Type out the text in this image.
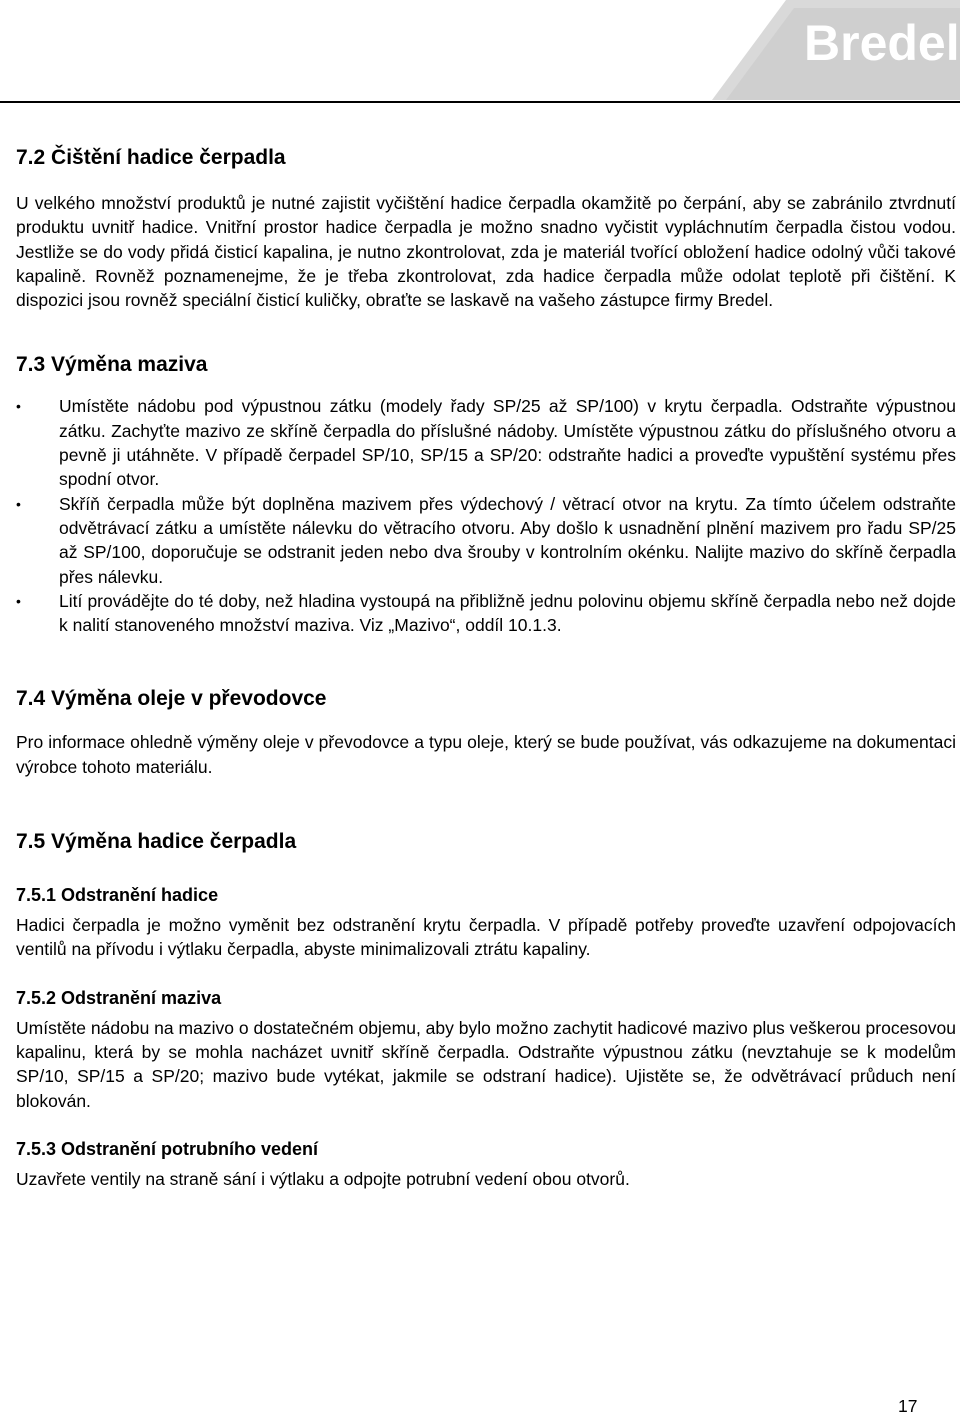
Bredel
7.2 Čištění hadice čerpadla

U velkého množství produktů je nutné zajistit vyčištění hadice čerpadla okamžitě po čerpání, aby se zabránilo ztvrdnutí produktu uvnitř hadice. Vnitřní prostor hadice čerpadla je možno snadno vyčistit vypláchnutím čerpadla čistou vodou. Jestliže se do vody přidá čisticí kapalina, je nutno zkontrolovat, zda je materiál tvořící obložení hadice odolný vůči takové kapalině. Rovněž poznamenejme, že je třeba zkontrolovat, zda hadice čerpadla může odolat teplotě při čištění. K dispozici jsou rovněž speciální čisticí kuličky, obraťte se laskavě na vašeho zástupce firmy Bredel.

7.3 Výměna maziva
• Umístěte nádobu pod výpustnou zátku (modely řady SP/25 až SP/100) v krytu čerpadla. Odstraňte výpustnou zátku. Zachyťte mazivo ze skříně čerpadla do příslušné nádoby. Umístěte výpustnou zátku do příslušného otvoru a pevně ji utáhněte. V případě čerpadel SP/10, SP/15 a SP/20: odstraňte hadici a proveďte vypuštění systému přes spodní otvor.
• Skříň čerpadla může být doplněna mazivem přes výdechový / větrací otvor na krytu. Za tímto účelem odstraňte odvětrávací zátku a umístěte nálevku do větracího otvoru. Aby došlo k usnadnění plnění mazivem pro řadu SP/25 až SP/100, doporučuje se odstranit jeden nebo dva šrouby v kontrolním okénku. Nalijte mazivo do skříně čerpadla přes nálevku.
• Lití provádějte do té doby, než hladina vystoupá na přibližně jednu polovinu objemu skříně čerpadla nebo než dojde k nalití stanoveného množství maziva. Viz „Mazivo“, oddíl 10.1.3.
7.4 Výměna oleje v převodovce

Pro informace ohledně výměny oleje v převodovce a typu oleje, který se bude používat, vás odkazujeme na dokumentaci výrobce tohoto materiálu.

7.5 Výměna hadice čerpadla
7.5.1 Odstranění hadice

Hadici čerpadla je možno vyměnit bez odstranění krytu čerpadla. V případě potřeby proveďte uzavření odpojovacích ventilů na přívodu i výtlaku čerpadla, abyste minimalizovali ztrátu kapaliny.

7.5.2 Odstranění maziva

Umístěte nádobu na mazivo o dostatečném objemu, aby bylo možno zachytit hadicové mazivo plus veškerou procesovou kapalinu, která by se mohla nacházet uvnitř skříně čerpadla. Odstraňte výpustnou zátku (nevztahuje se k modelům SP/10, SP/15 a SP/20; mazivo bude vytékat, jakmile se odstraní hadice). Ujistěte se, že odvětrávací průduch není blokován.

7.5.3 Odstranění potrubního vedení

Uzavřete ventily na straně sání i výtlaku a odpojte potrubní vedení obou otvorů.

17
